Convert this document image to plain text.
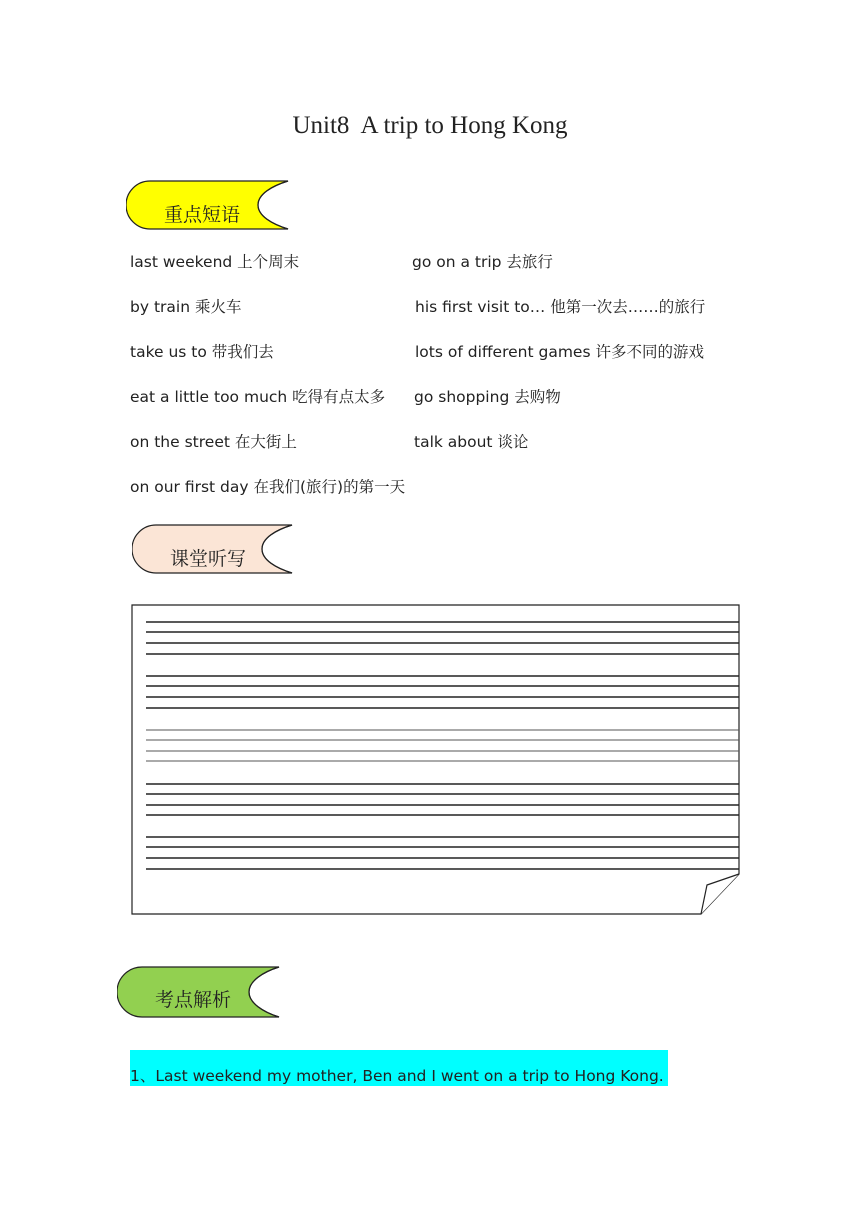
Unit8  A trip to Hong Kong
重点短语
last weekend 上个周末
by train 乘火车
take us to 带我们去
eat a little too much 吃得有点太多
on the street 在大街上
on our first day 在我们(旅行)的第一天
go on a trip 去旅行
his first visit to… 他第一次去……的旅行
lots of different games 许多不同的游戏
go shopping 去购物
talk about 谈论
课堂听写
考点解析
1、Last weekend my mother, Ben and I went on a trip to Hong Kong.
